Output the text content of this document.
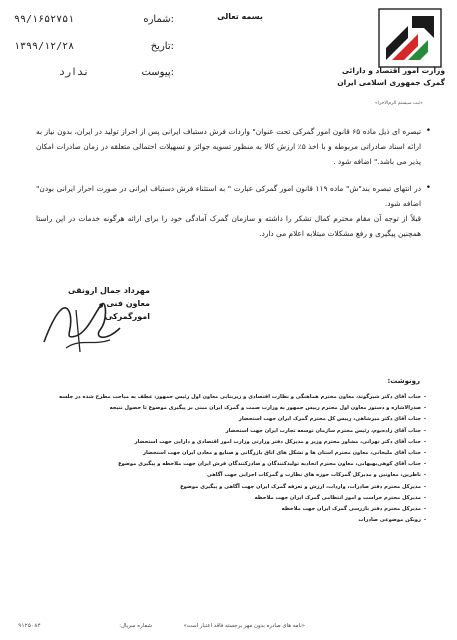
بسمه تعالی
شماره:
۹۹/۱۶۵۲۷۵۱
تاریخ:
۱۳۹۹/۱۲/۲۸
پیوست:
ندارد	وزارت امور اقتصاد و دارائی
گمرک جمهوری اسلامی ایران
«ثبت سیستم الزم‌الاجرا»
• تبصره ای ذیل ماده ۶۵ قانون امور گمرکی تحت عنوان" واردات فرش دستباف ایرانی پس از احراز تولید در ایران، بدون نیاز به ارائه اسناد صادراتی مربوطه و با اخذ ۵٪ ارزش کالا به منظور تسویه جوائز و تسهیلات احتمالی متعلقه در زمان صادرات امکان پذیر می باشد." اضافه شود .
• در انتهای تبصره بند"ش" ماده ۱۱۹ قانون امور گمرکی عبارت " به استثناء فرش دستباف ایرانی در صورت احراز ایرانی بودن" اضافه شود.
قبلاً از توجه آن مقام محترم کمال تشکر را داشته و سازمان گمرک آمادگی خود را برای ارائه هرگونه خدمات در این راستا همچنین پیگیری و رفع مشکلات مبتلابه اعلام می دارد.
مهرداد جمال ارونقی
معاون فنی و امورگمرکی
رونوشت:
- جناب آقای دکتر شیرگوند، معاون محترم هماهنگی و نظارت اقتصادی و زیربنایی معاون اول رئیس جمهور، عطف به مباحث مطرح شده در جلسه
- صدرالاشاره و دستور معاون اول محترم رییس جمهور به وزارت صمت و گمرک ایران مبنی بر پیگیری موضوع تا حصول نتیجه
- جناب آقای دکتر میرشاهی، رییس کل محترم گمرک ایران جهت استحضار
- جناب آقای زاده‌بوم، رئیس محترم سازمان توسعه تجارت ایران جهت استحضار
- جناب آقای دکتر نهرانی، مشاور محترم وزیر و مدیرکل دفتر وزارتی وزارت امور اقتصادی و دارایی جهت استحضار
- جناب آقای ملیخانی، معاون محترم استان ها و تشکل های اتاق بازرگانی و صنایع و معادن ایران جهت استحضار
- جناب آقای کوهی‌بهبهانی، معاون محترم اتحادیه تولیدکنندگان و صادرکنندگان فرش ایران جهت ملاحظه و پیگیری موضوع
- ناظرین، معاونین و مدیرکل گمرکات حوزه های نظارت و گمرکات اجرایی جهت آگاهی
- مدیرکل محترم دفتر صادرات، واردات، ارزش و تعرفه گمرک ایران جهت آگاهی و پیگیری موضوع
- مدیرکل محترم حراست و امور انتظامی گمرک ایران جهت ملاحظه
- مدیرکل محترم دفتر بازرسی گمرک ایران جهت ملاحظه
- زونکن موضوعی صادرات
شماره سریال:
۹۱۲۵۰۸۴	«نامه های صادره بدون مهر برجسته فاقد اعتبار است»
